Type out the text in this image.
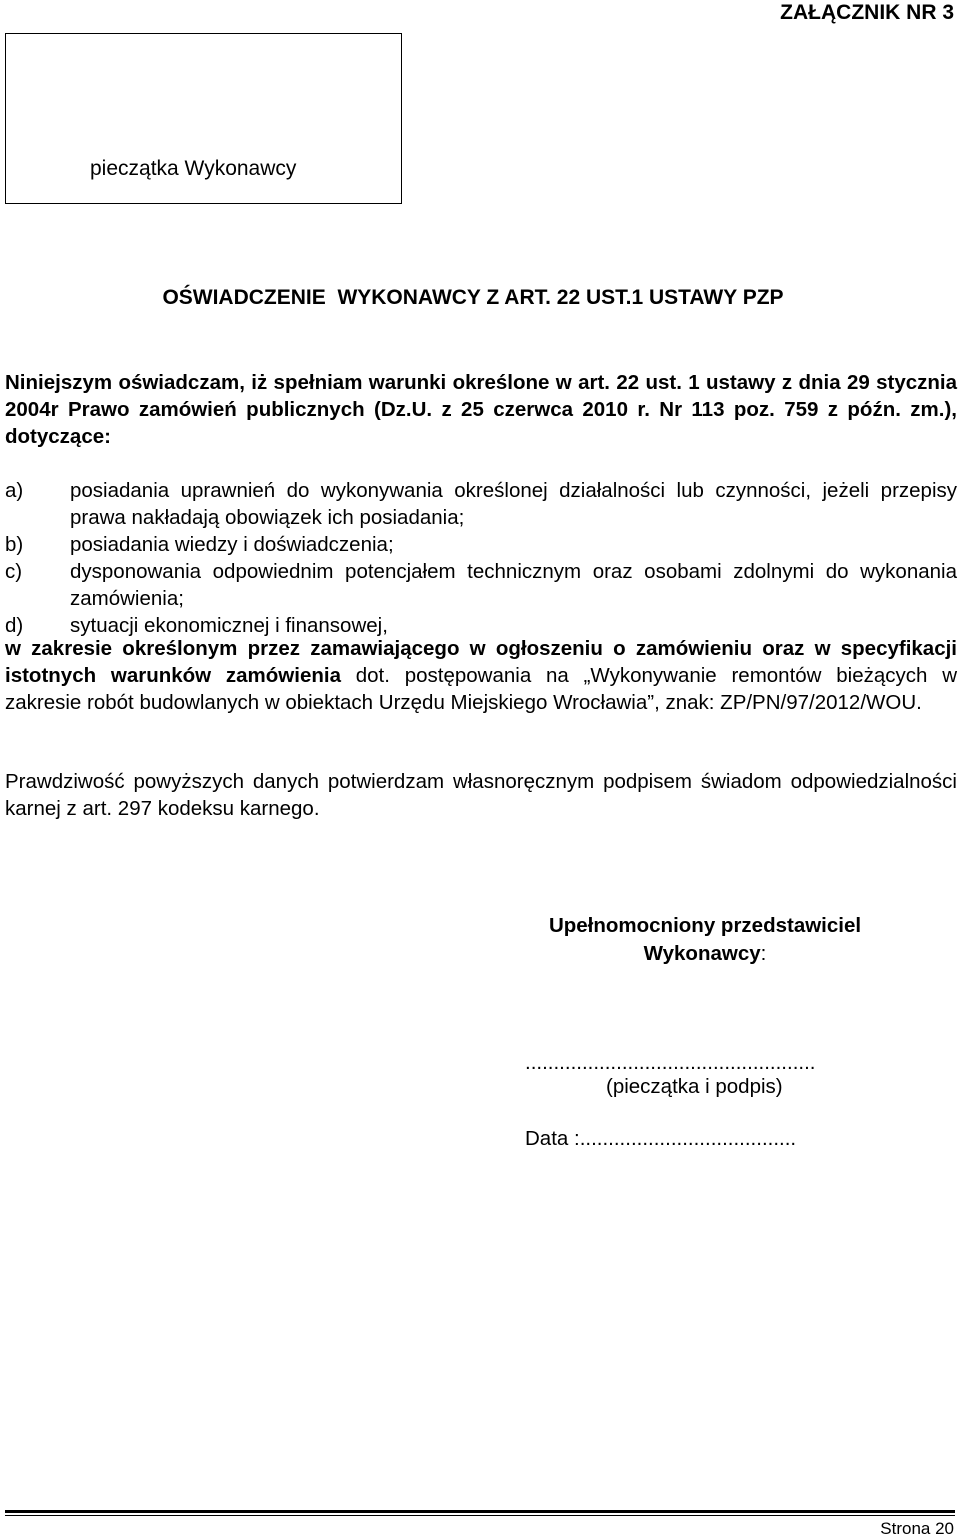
ZAŁĄCZNIK NR 3
pieczątka Wykonawcy
OŚWIADCZENIE  WYKONAWCY Z ART. 22 UST.1 USTAWY PZP

Niniejszym oświadczam, iż spełniam warunki określone w art. 22 ust. 1 ustawy z dnia 29 stycznia 2004r Prawo zamówień publicznych (Dz.U. z 25 czerwca 2010 r. Nr 113 poz. 759 z późn. zm.), dotyczące:

a) posiadania uprawnień do wykonywania określonej działalności lub czynności, jeżeli przepisy prawa nakładają obowiązek ich posiadania;
b) posiadania wiedzy i doświadczenia;
c) dysponowania odpowiednim potencjałem technicznym oraz osobami zdolnymi do wykonania zamówienia;
d) sytuacji ekonomicznej i finansowej,

w zakresie określonym przez zamawiającego w ogłoszeniu o zamówieniu oraz w specyfikacji istotnych warunków zamówienia dot. postępowania na „Wykonywanie remontów bieżących w zakresie robót budowlanych w obiektach Urzędu Miejskiego Wrocławia”, znak: ZP/PN/97/2012/WOU.

Prawdziwość powyższych danych potwierdzam własnoręcznym podpisem świadom odpowiedzialności karnej z art. 297 kodeksu karnego.

Upełnomocniony przedstawiciel
Wykonawcy:
...................................................
(pieczątka i podpis)
Data :......................................
Strona 20
